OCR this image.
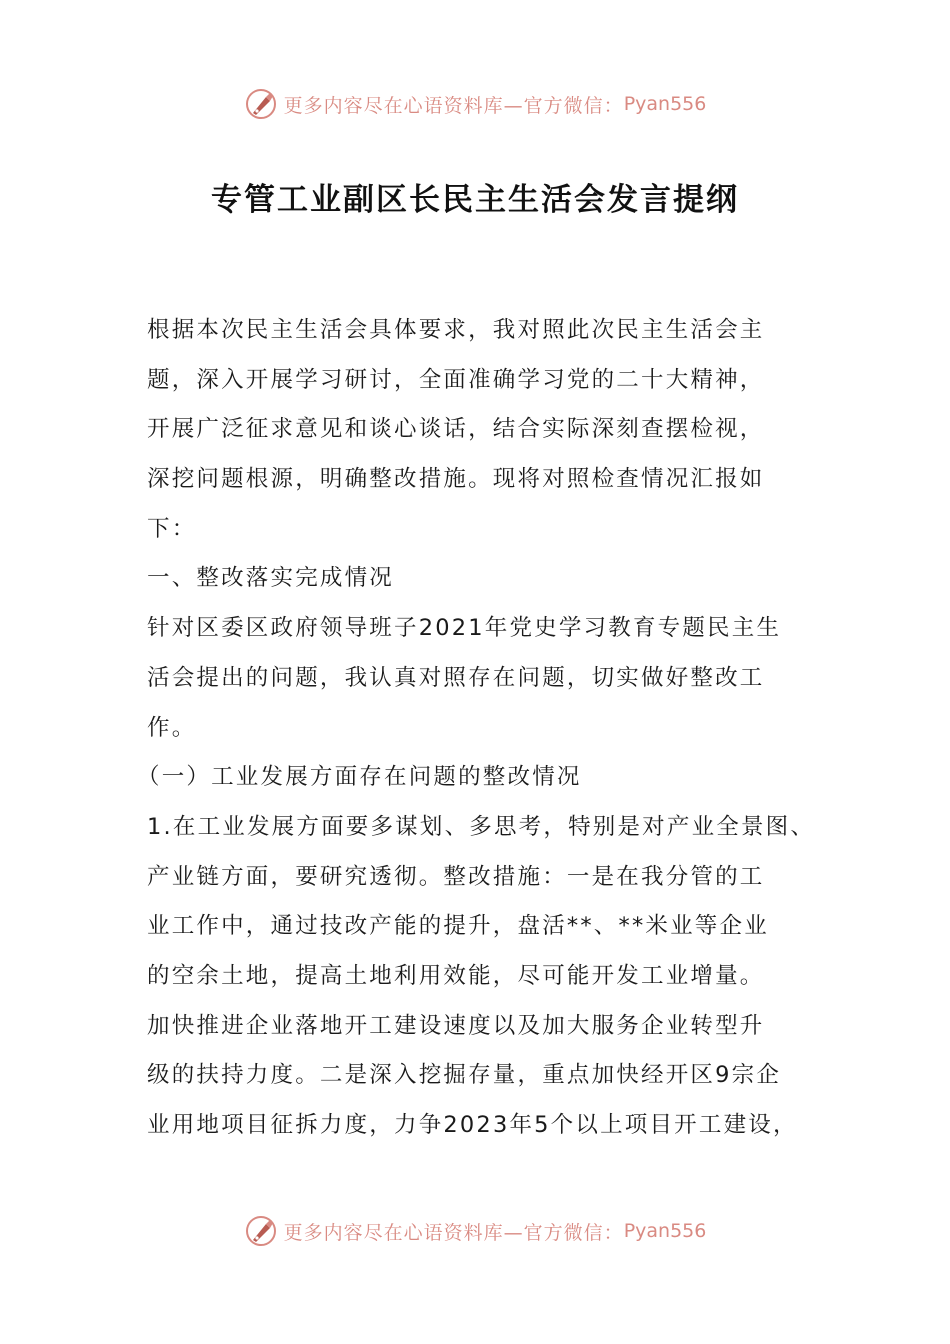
更多内容尽在心语资料库 —官方微信： Pyan556
专管工业副区长民主生活会发言提纲
根据本次民主生活会具体要求，我对照此次民主生活会主
题，深入开展学习研讨，全面准确学习党的二十大精神，
开展广泛征求意见和谈心谈话，结合实际深刻查摆检视，
深挖问题根源，明确整改措施。现将对照检查情况汇报如
下：
一、整改落实完成情况
针对区委区政府领导班子2021年党史学习教育专题民主生
活会提出的问题，我认真对照存在问题，切实做好整改工
作。
（一）工业发展方面存在问题的整改情况
1.在工业发展方面要多谋划、多思考，特别是对产业全景图、
产业链方面，要研究透彻。整改措施：一是在我分管的工
业工作中，通过技改产能的提升，盘活**、**米业等企业
的空余土地，提高土地利用效能，尽可能开发工业增量。
加快推进企业落地开工建设速度以及加大服务企业转型升
级的扶持力度。二是深入挖掘存量，重点加快经开区9宗企
业用地项目征拆力度，力争2023年5个以上项目开工建设，
更多内容尽在心语资料库 —官方微信： Pyan556
